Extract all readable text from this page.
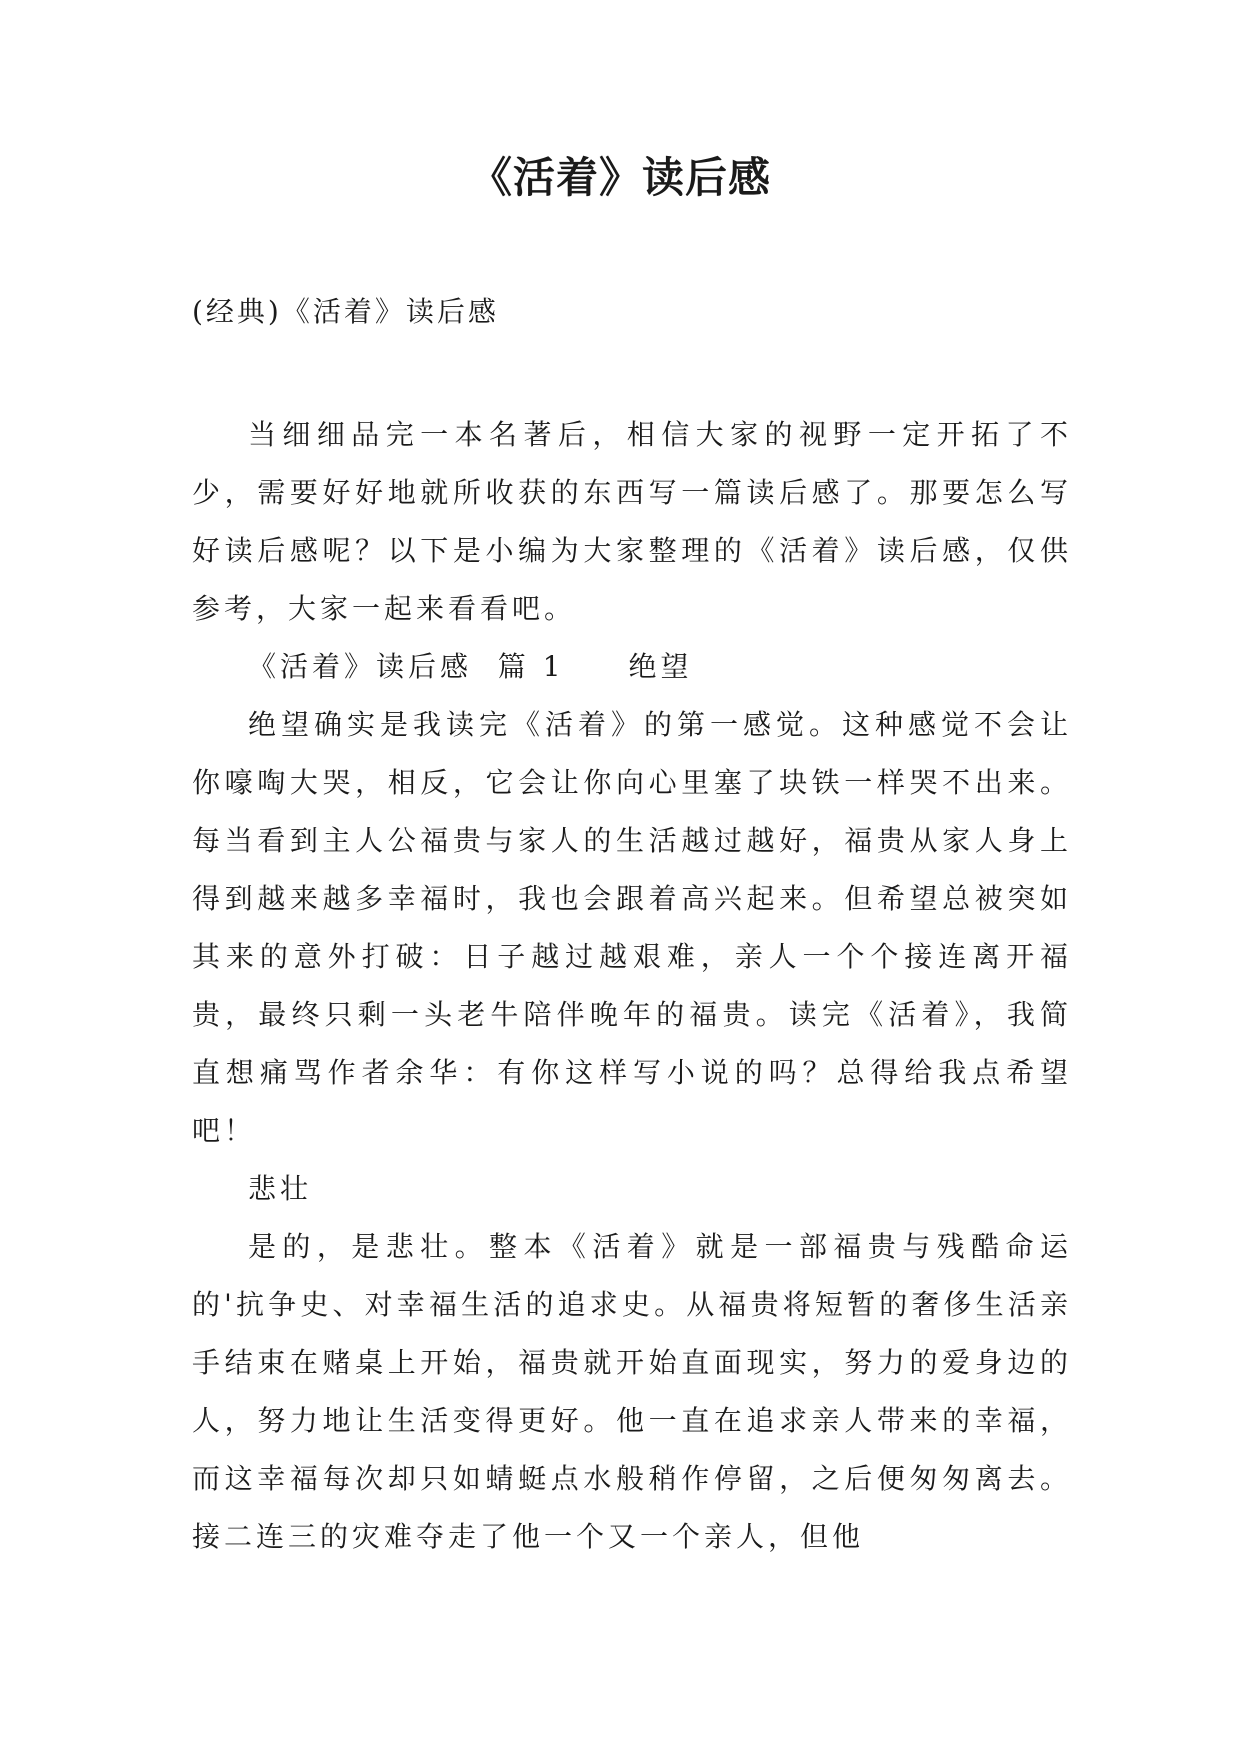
《活着》读后感

(经典)《活着》读后感

当细细品完一本名著后，相信大家的视野一定开拓了不少，需要好好地就所收获的东西写一篇读后感了。那要怎么写好读后感呢？以下是小编为大家整理的《活着》读后感，仅供参考，大家一起来看看吧。

《活着》读后感  篇 1 绝望

绝望确实是我读完《活着》的第一感觉。这种感觉不会让你嚎啕大哭，相反，它会让你向心里塞了块铁一样哭不出来。每当看到主人公福贵与家人的生活越过越好，福贵从家人身上得到越来越多幸福时，我也会跟着高兴起来。但希望总被突如其来的意外打破：日子越过越艰难，亲人一个个接连离开福贵，最终只剩一头老牛陪伴晚年的福贵。读完《活着》，我简直想痛骂作者余华：有你这样写小说的吗？总得给我点希望吧！

悲壮

是的，是悲壮。整本《活着》就是一部福贵与残酷命运的'抗争史、对幸福生活的追求史。从福贵将短暂的奢侈生活亲手结束在赌桌上开始，福贵就开始直面现实，努力的爱身边的人，努力地让生活变得更好。他一直在追求亲人带来的幸福，而这幸福每次却只如蜻蜓点水般稍作停留，之后便匆匆离去。接二连三的灾难夺走了他一个又一个亲人，但他
